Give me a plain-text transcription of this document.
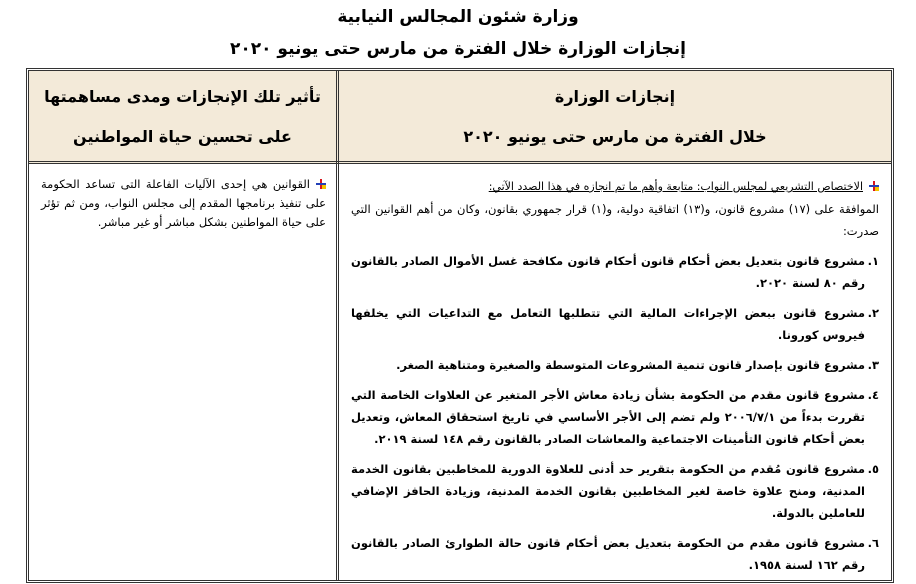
وزارة شئون المجالس النيابية
إنجازات الوزارة خلال الفترة من مارس حتى يونيو ٢٠٢٠
إنجازات الوزارة
خلال الفترة من مارس حتى يونيو ٢٠٢٠
تأثير تلك الإنجازات ومدى مساهمتها
على تحسين حياة المواطنين
الاختصاص التشريعي لمجلس النواب: متابعة وأهم ما تم انجازه في هذا الصدد الآتي:

الموافقة على (١٧) مشروع قانون، و(١٣) اتفاقية دولية، و(١) قرار جمهوري بقانون، وكان من أهم القوانين التي صدرت:

١.
مشروع قانون بتعديل بعض أحكام قانون أحكام قانون مكافحة غسل الأموال الصادر بالقانون رقم ٨٠ لسنة ٢٠٢٠.
٢.
مشروع قانون ببعض الإجراءات المالية التي تتطلبها التعامل مع التداعيات التي يخلفها فيروس كورونا.
٣.
مشروع قانون بإصدار قانون تنمية المشروعات المتوسطة والصغيرة ومتناهية الصغر.
٤.
مشروع قانون مقدم من الحكومة بشأن زيادة معاش الأجر المتغير عن العلاوات الخاصة التي تقررت بدءاً من ٢٠٠٦/٧/١ ولم تضم إلى الأجر الأساسي في تاريخ استحقاق المعاش، وتعديل بعض أحكام قانون التأمينات الاجتماعية والمعاشات الصادر بالقانون رقم ١٤٨ لسنة ٢٠١٩.
٥.
مشروع قانون مُقدم من الحكومة بتقرير حد أدنى للعلاوة الدورية للمخاطبين بقانون الخدمة المدنية، ومنح علاوة خاصة لغير المخاطبين بقانون الخدمة المدنية، وزيادة الحافز الإضافي للعاملين بالدولة.
٦.
مشروع قانون مقدم من الحكومة بتعديل بعض أحكام قانون حالة الطوارئ الصادر بالقانون رقم ١٦٢ لسنة ١٩٥٨.
القوانين هي إحدى الآليات الفاعلة التى تساعد الحكومة على تنفيذ برنامجها المقدم إلى مجلس النواب، ومن ثم تؤثر على حياة المواطنين بشكل مباشر أو غير مباشر.
